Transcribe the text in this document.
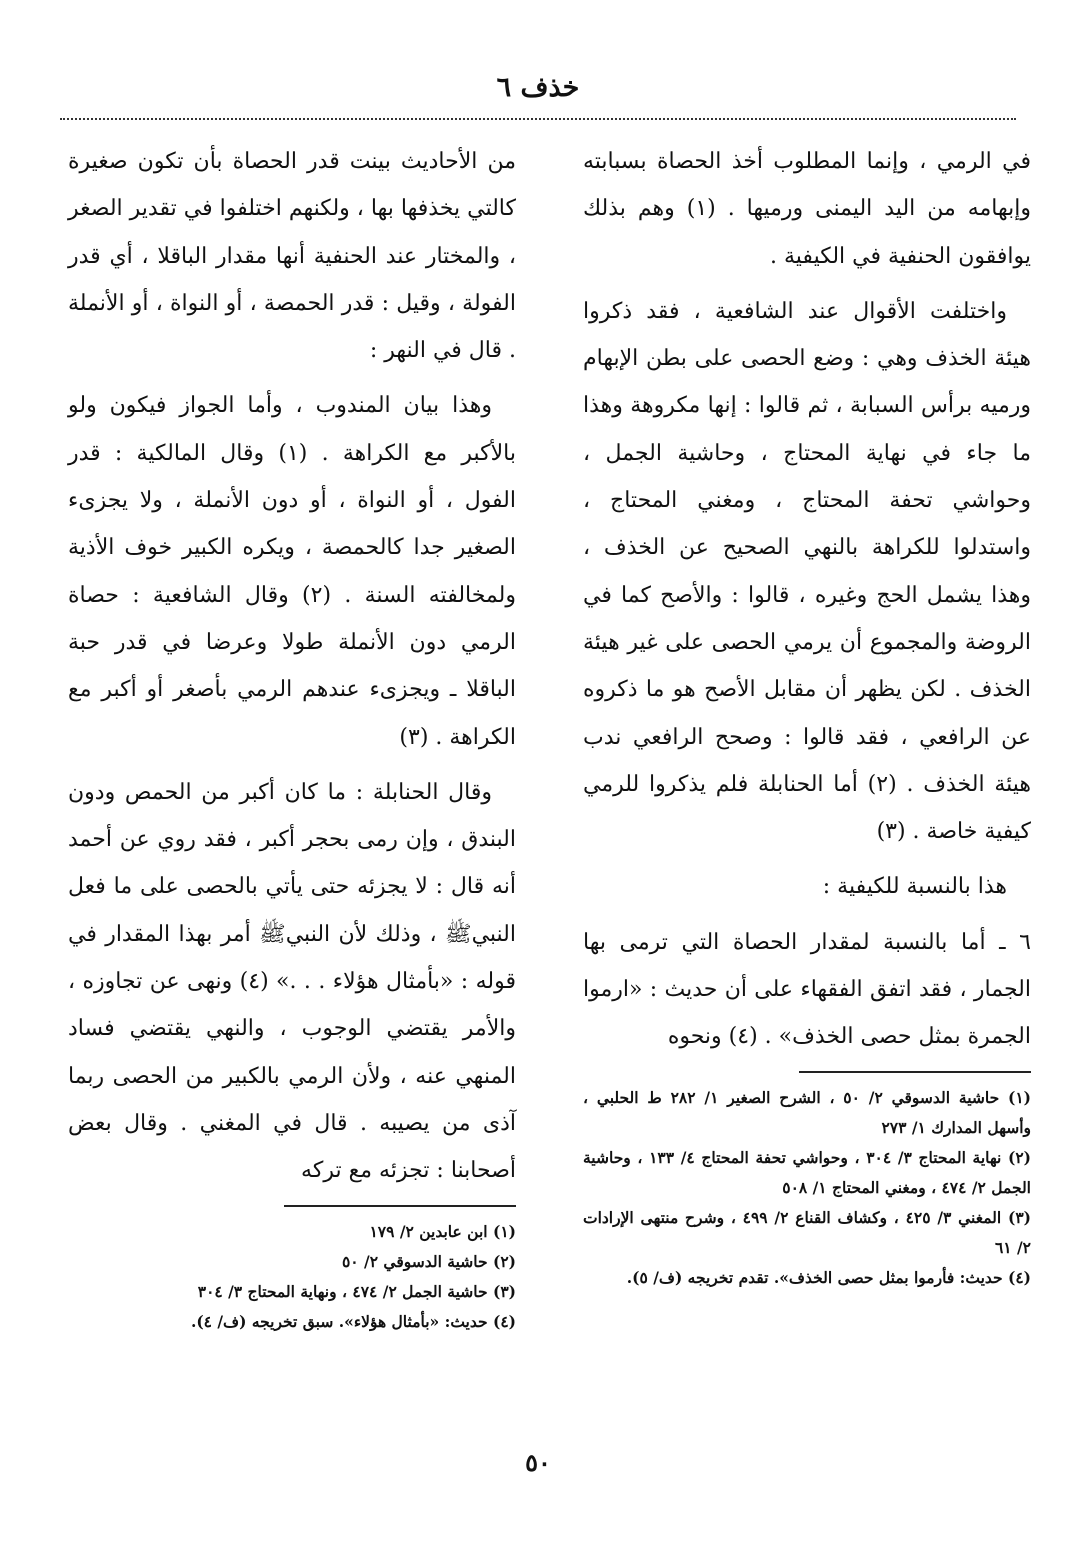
خذف ٦

في الرمي ، وإنما المطلوب أخذ الحصاة بسبابته وإبهامه من اليد اليمنى ورميها . (١) وهم بذلك يوافقون الحنفية في الكيفية .

واختلفت الأقوال عند الشافعية ، فقد ذكروا هيئة الخذف وهي : وضع الحصى على بطن الإبهام ورميه برأس السبابة ، ثم قالوا : إنها مكروهة وهذا ما جاء في نهاية المحتاج ، وحاشية الجمل ، وحواشي تحفة المحتاج ، ومغني المحتاج ، واستدلوا للكراهة بالنهي الصحيح عن الخذف ، وهذا يشمل الحج وغيره ، قالوا : والأصح كما في الروضة والمجموع أن يرمي الحصى على غير هيئة الخذف . لكن يظهر أن مقابل الأصح هو ما ذكروه عن الرافعي ، فقد قالوا : وصحح الرافعي ندب هيئة الخذف . (٢) أما الحنابلة فلم يذكروا للرمي كيفية خاصة . (٣)

هذا بالنسبة للكيفية :

٦ ـ أما بالنسبة لمقدار الحصاة التي ترمى بها الجمار ، فقد اتفق الفقهاء على أن حديث : «ارموا الجمرة بمثل حصى الخذف» . (٤) ونحوه

(١) حاشية الدسوقي ٢/ ٥٠ ، الشرح الصغير ١/ ٢٨٢ ط الحلبي ، وأسهل المدارك ١/ ٢٧٣

(٢) نهاية المحتاج ٣/ ٣٠٤ ، وحواشي تحفة المحتاج ٤/ ١٣٣ ، وحاشية الجمل ٢/ ٤٧٤ ، ومغني المحتاج ١/ ٥٠٨

(٣) المغني ٣/ ٤٢٥ ، وكشاف القناع ٢/ ٤٩٩ ، وشرح منتهى الإرادات ٢/ ٦١

(٤) حديث: فأرموا بمثل حصى الخذف». تقدم تخريجه (ف/ ٥).

من الأحاديث بينت قدر الحصاة بأن تكون صغيرة كالتي يخذفها بها ، ولكنهم اختلفوا في تقدير الصغر ، والمختار عند الحنفية أنها مقدار الباقلا ، أي قدر الفولة ، وقيل : قدر الحمصة ، أو النواة ، أو الأنملة . قال في النهر :

وهذا بيان المندوب ، وأما الجواز فيكون ولو بالأكبر مع الكراهة . (١) وقال المالكية : قدر الفول ، أو النواة ، أو دون الأنملة ، ولا يجزىء الصغير جدا كالحمصة ، ويكره الكبير خوف الأذية ولمخالفته السنة . (٢) وقال الشافعية : حصاة الرمي دون الأنملة طولا وعرضا في قدر حبة الباقلا ـ ويجزىء عندهم الرمي بأصغر أو أكبر مع الكراهة . (٣)

وقال الحنابلة : ما كان أكبر من الحمص ودون البندق ، وإن رمى بحجر أكبر ، فقد روي عن أحمد أنه قال : لا يجزئه حتى يأتي بالحصى على ما فعل النبيﷺ ، وذلك لأن النبيﷺ أمر بهذا المقدار في قوله : «بأمثال هؤلاء . . .» (٤) ونهى عن تجاوزه ، والأمر يقتضي الوجوب ، والنهي يقتضي فساد المنهي عنه ، ولأن الرمي بالكبير من الحصى ربما آذى من يصيبه . قال في المغني . وقال بعض أصحابنا : تجزئه مع تركه

(١) ابن عابدين ٢/ ١٧٩

(٢) حاشية الدسوقي ٢/ ٥٠

(٣) حاشية الجمل ٢/ ٤٧٤ ، ونهاية المحتاج ٣/ ٣٠٤

(٤) حديث: «بأمثال هؤلاء». سبق تخريجه (ف/ ٤).

٥٠
